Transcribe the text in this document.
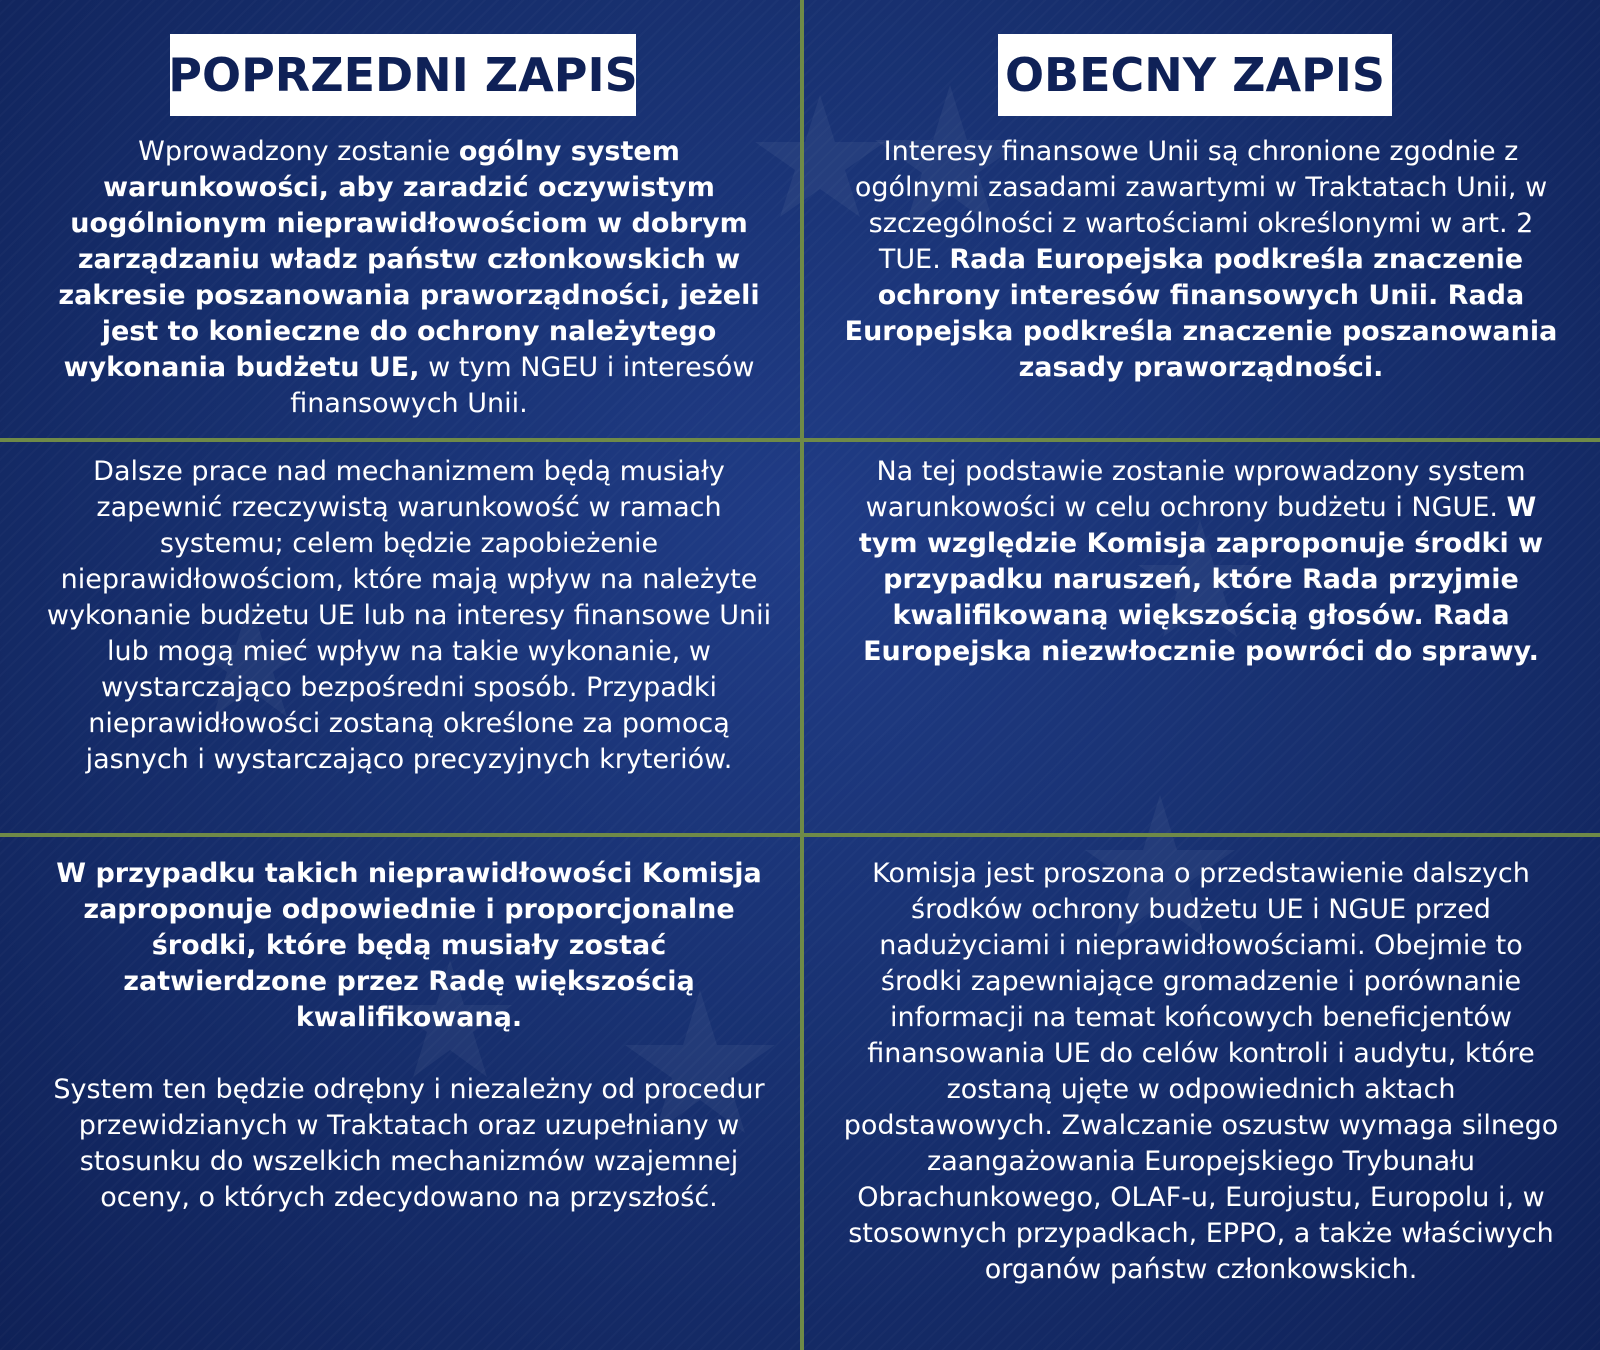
POPRZEDNI ZAPIS	OBECNY ZAPIS

Wprowadzony zostanie ogólny system warunkowości, aby zaradzić oczywistym uogólnionym nieprawidłowościom w dobrym zarządzaniu władz państw członkowskich w zakresie poszanowania praworządności, jeżeli jest to konieczne do ochrony należytego wykonania budżetu UE, w tym NGEU i interesów finansowych Unii.

Interesy finansowe Unii są chronione zgodnie z ogólnymi zasadami zawartymi w Traktatach Unii, w szczególności z wartościami określonymi w art. 2 TUE. Rada Europejska podkreśla znaczenie ochrony interesów finansowych Unii. Rada Europejska podkreśla znaczenie poszanowania zasady praworządności.

Dalsze prace nad mechanizmem będą musiały zapewnić rzeczywistą warunkowość w ramach systemu; celem będzie zapobieżenie nieprawidłowościom, które mają wpływ na należyte wykonanie budżetu UE lub na interesy finansowe Unii lub mogą mieć wpływ na takie wykonanie, w wystarczająco bezpośredni sposób. Przypadki nieprawidłowości zostaną określone za pomocą jasnych i wystarczająco precyzyjnych kryteriów.

Na tej podstawie zostanie wprowadzony system warunkowości w celu ochrony budżetu i NGUE. W tym względzie Komisja zaproponuje środki w przypadku naruszeń, które Rada przyjmie kwalifikowaną większością głosów. Rada Europejska niezwłocznie powróci do sprawy.

W przypadku takich nieprawidłowości Komisja zaproponuje odpowiednie i proporcjonalne środki, które będą musiały zostać zatwierdzone przez Radę większością kwalifikowaną.

System ten będzie odrębny i niezależny od procedur przewidzianych w Traktatach oraz uzupełniany w stosunku do wszelkich mechanizmów wzajemnej oceny, o których zdecydowano na przyszłość.

Komisja jest proszona o przedstawienie dalszych środków ochrony budżetu UE i NGUE przed nadużyciami i nieprawidłowościami. Obejmie to środki zapewniające gromadzenie i porównanie informacji na temat końcowych beneficjentów finansowania UE do celów kontroli i audytu, które zostaną ujęte w odpowiednich aktach podstawowych. Zwalczanie oszustw wymaga silnego zaangażowania Europejskiego Trybunału Obrachunkowego, OLAF-u, Eurojustu, Europolu i, w stosownych przypadkach, EPPO, a także właściwych organów państw członkowskich.
